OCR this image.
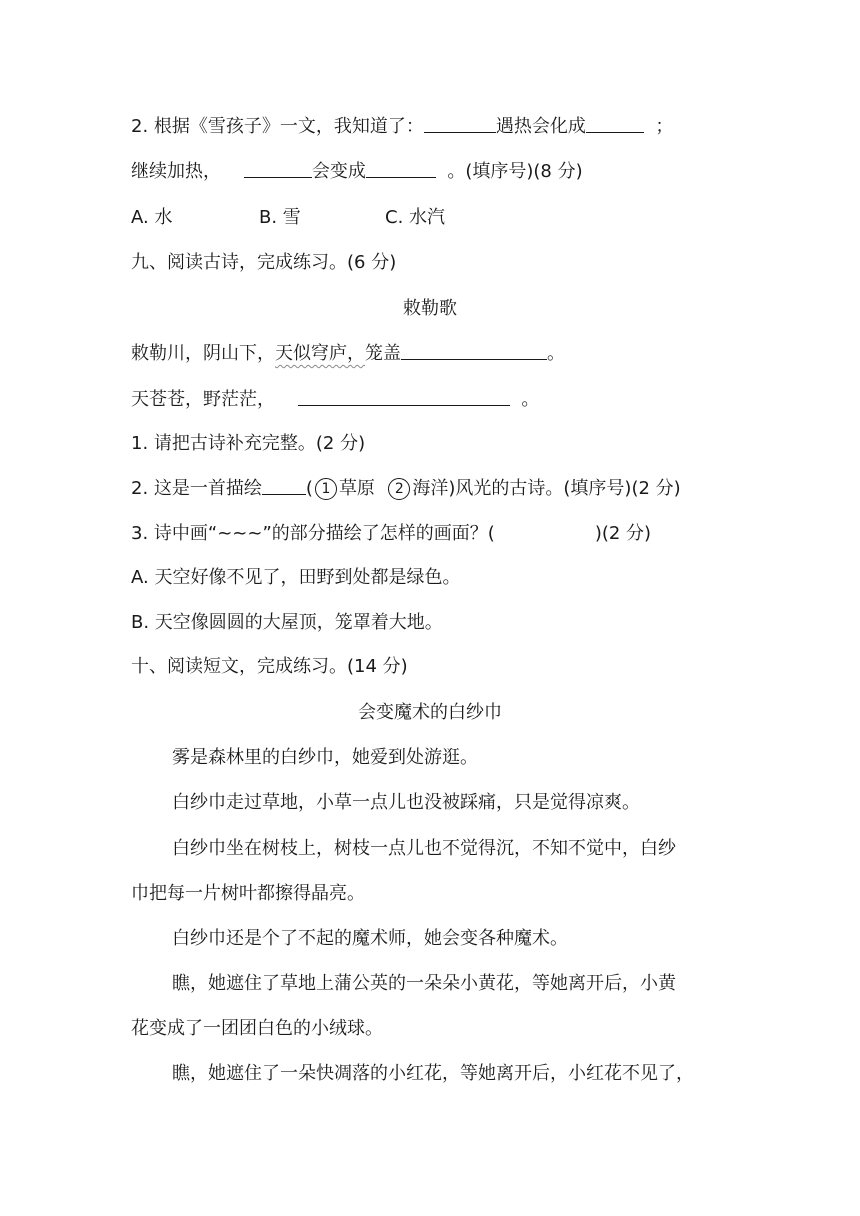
2. 根据《雪孩子》一文，我知道了：	遇热会化成	；
继续加热，	会变成	。(填序号)(8 分)
A. 水	B. 雪	C. 水汽
九、阅读古诗，完成练习。(6 分)
敕勒歌
敕勒川，阴山下，天似穹庐，笼盖	。
天苍苍，野茫茫，	。
1. 请把古诗补充完整。(2 分)
2. 这是一首描绘 ( 1 草原 2 海洋)风光的古诗。(填序号)(2 分)
3. 诗中画“~~~”的部分描绘了怎样的画面？(	)(2 分)
A. 天空好像不见了，田野到处都是绿色。
B. 天空像圆圆的大屋顶，笼罩着大地。
十、阅读短文，完成练习。(14 分)
会变魔术的白纱巾
雾是森林里的白纱巾，她爱到处游逛。
白纱巾走过草地，小草一点儿也没被踩痛，只是觉得凉爽。
白纱巾坐在树枝上，树枝一点儿也不觉得沉，不知不觉中，白纱
巾把每一片树叶都擦得晶亮。
白纱巾还是个了不起的魔术师，她会变各种魔术。
瞧，她遮住了草地上蒲公英的一朵朵小黄花，等她离开后，小黄
花变成了一团团白色的小绒球。
瞧，她遮住了一朵快凋落的小红花，等她离开后，小红花不见了，
